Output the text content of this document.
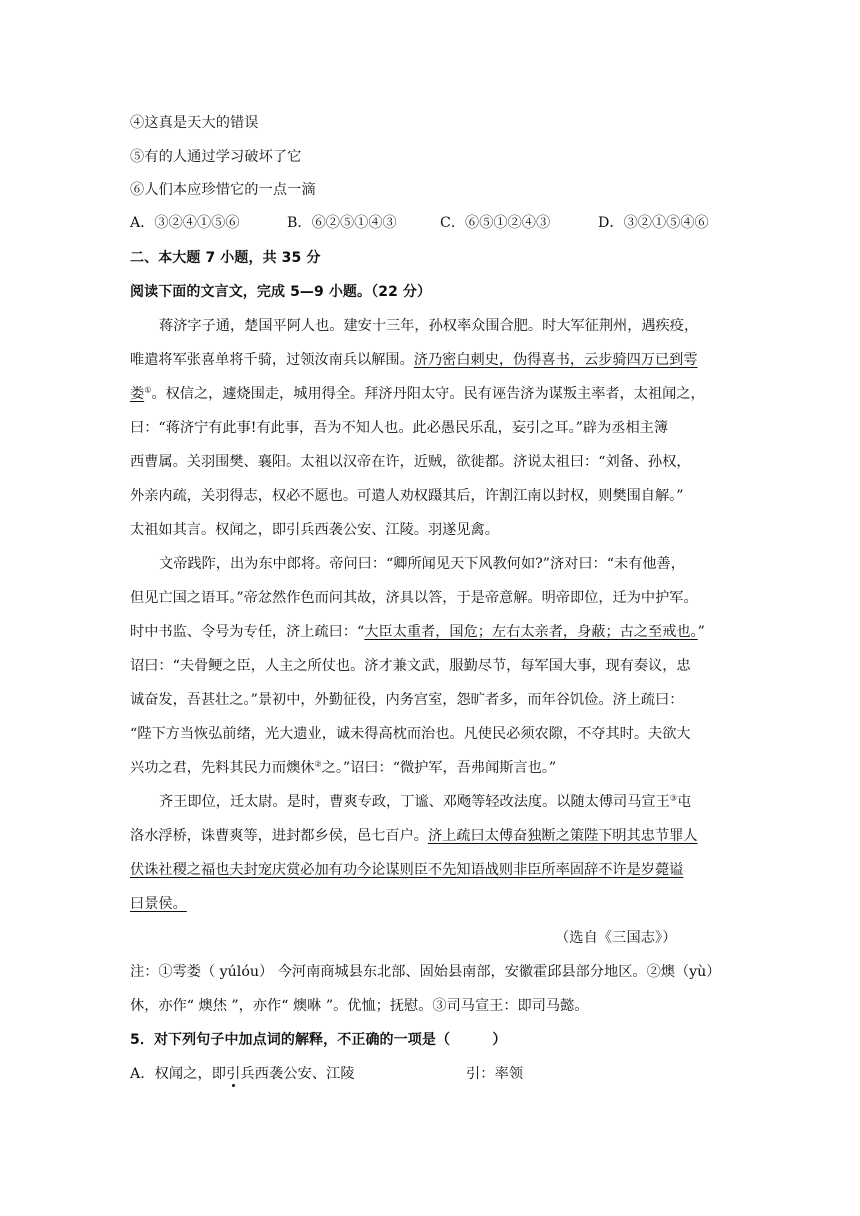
④这真是天大的错误
⑤有的人通过学习破坏了它
⑥人们本应珍惜它的一点一滴
A．③②④①⑤⑥	B．⑥②⑤①④③	C．⑥⑤①②④③	D．③②①⑤④⑥
二、本大题 7 小题，共 35 分
阅读下面的文言文，完成 5—9 小题。（22 分）
蒋济字子通，楚国平阿人也。建安十三年，孙权率众围合肥。时大军征荆州，遇疾疫，
唯遣将军张喜单将千骑，过领汝南兵以解围。济乃密白刺史，伪得喜书，云步骑四万已到雩
娄①。权信之，遽烧围走，城用得全。拜济丹阳太守。民有诬告济为谋叛主率者，太祖闻之，
曰：“蒋济宁有此事!有此事，吾为不知人也。此必愚民乐乱，妄引之耳。”辟为丞相主簿
西曹属。关羽围樊、襄阳。太祖以汉帝在许，近贼，欲徙都。济说太祖曰：“刘备、孙权，
外亲内疏，关羽得志，权必不愿也。可遣人劝权蹑其后，许割江南以封权，则樊围自解。”
太祖如其言。权闻之，即引兵西袭公安、江陵。羽遂见禽。
文帝践阼，出为东中郎将。帝问曰：“卿所闻见天下风教何如?”济对曰：“未有他善，
但见亡国之语耳。”帝忿然作色而问其故，济具以答，于是帝意解。明帝即位，迁为中护军。
时中书监、令号为专任，济上疏曰：“大臣太重者，国危；左右太亲者，身蔽；古之至戒也。”
诏曰：“夫骨鲠之臣，人主之所仗也。济才兼文武，服勤尽节，每军国大事，现有奏议，忠
诚奋发，吾甚壮之。”景初中，外勤征役，内务宫室，怨旷者多，而年谷饥俭。济上疏曰：
“陛下方当恢弘前绪，光大遗业，诚未得高枕而治也。凡使民必须农隙，不夺其时。夫欲大
兴功之君，先料其民力而燠休②之。”诏曰：“微护军，吾弗闻斯言也。”
齐王即位，迁太尉。是时，曹爽专政，丁谧、邓飏等轻改法度。以随太傅司马宣王③屯
洛水浮桥，诛曹爽等，进封都乡侯，邑七百户。济上疏曰太傅奋独断之策陛下明其忠节罪人
伏诛社稷之福也夫封宠庆赏必加有功今论谋则臣不先知语战则非臣所率固辞不许是岁薨谥
曰景侯。
（选自《三国志》）
注：①雩娄（ yúlóu） 今河南商城县东北部、固始县南部，安徽霍邱县部分地区。②燠（yù）
休，亦作“ 燠烋 ”，亦作“ 燠咻 ”。优恤；抚慰。③司马宣王：即司马懿。
5．对下列句子中加点词的解释，不正确的一项是（　　　）
A．权闻之，即引兵西袭公安、江陵	引：率领
